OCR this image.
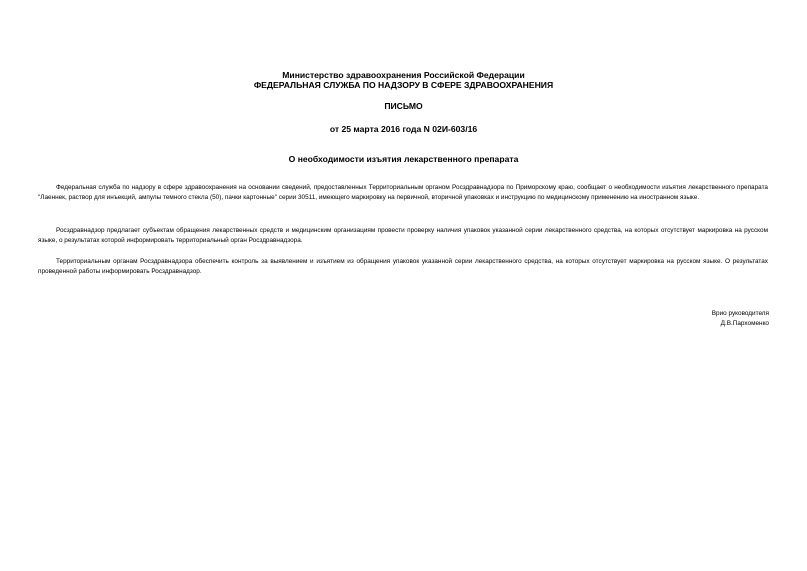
Министерство здравоохранения Российской Федерации
ФЕДЕРАЛЬНАЯ СЛУЖБА ПО НАДЗОРУ В СФЕРЕ ЗДРАВООХРАНЕНИЯ
ПИСЬМО
от 25 марта 2016 года N 02И-603/16
О необходимости изъятия лекарственного препарата

Федеральная служба по надзору в сфере здравоохранения на основании сведений, предоставленных Территориальным органом Росздравнадзора по Приморскому краю, сообщает о необходимости изъятия лекарственного препарата "Лаеннек, раствор для инъекций, ампулы темного стекла (50), пачки картонные" серии 30511, имеющего маркировку на первичной, вторичной упаковках и инструкцию по медицинскому применению на иностранном языке.

Росздравнадзор предлагает субъектам обращения лекарственных средств и медицинским организациям провести проверку наличия упаковок указанной серии лекарственного средства, на которых отсутствует маркировка на русском языке, о результатах которой информировать территориальный орган Росздравнадзора.

Территориальным органам Росздравнадзора обеспечить контроль за выявлением и изъятием из обращения упаковок указанной серии лекарственного средства, на которых отсутствует маркировка на русском языке. О результатах проведенной работы информировать Росздравнадзор.

Врио руководителя
Д.В.Пархоменко
